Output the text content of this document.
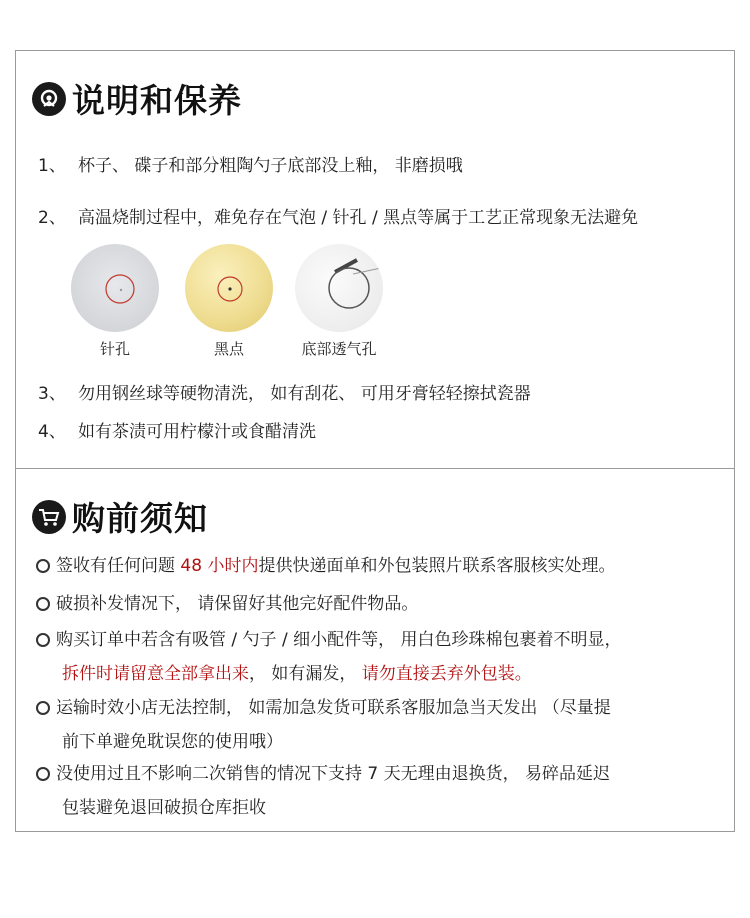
说明和保养
1、 杯子、 碟子和部分粗陶勺子底部没上釉， 非磨损哦
2、 高温烧制过程中，难免存在气泡 / 针孔 / 黑点等属于工艺正常现象无法避免
针孔	黑点	底部透气孔
3、 勿用钢丝球等硬物清洗， 如有刮花、 可用牙膏轻轻擦拭瓷器
4、 如有茶渍可用柠檬汁或食醋清洗
购前须知
签收有任何问题 48 小时内提供快递面单和外包装照片联系客服核实处理。
破损补发情况下， 请保留好其他完好配件物品。
购买订单中若含有吸管 / 勺子 / 细小配件等， 用白色珍珠棉包裹着不明显，
拆件时请留意全部拿出来， 如有漏发， 请勿直接丢弃外包装。
运输时效小店无法控制， 如需加急发货可联系客服加急当天发出 （尽量提
前下单避免耽误您的使用哦）
没使用过且不影响二次销售的情况下支持 7 天无理由退换货， 易碎品延迟
包装避免退回破损仓库拒收
